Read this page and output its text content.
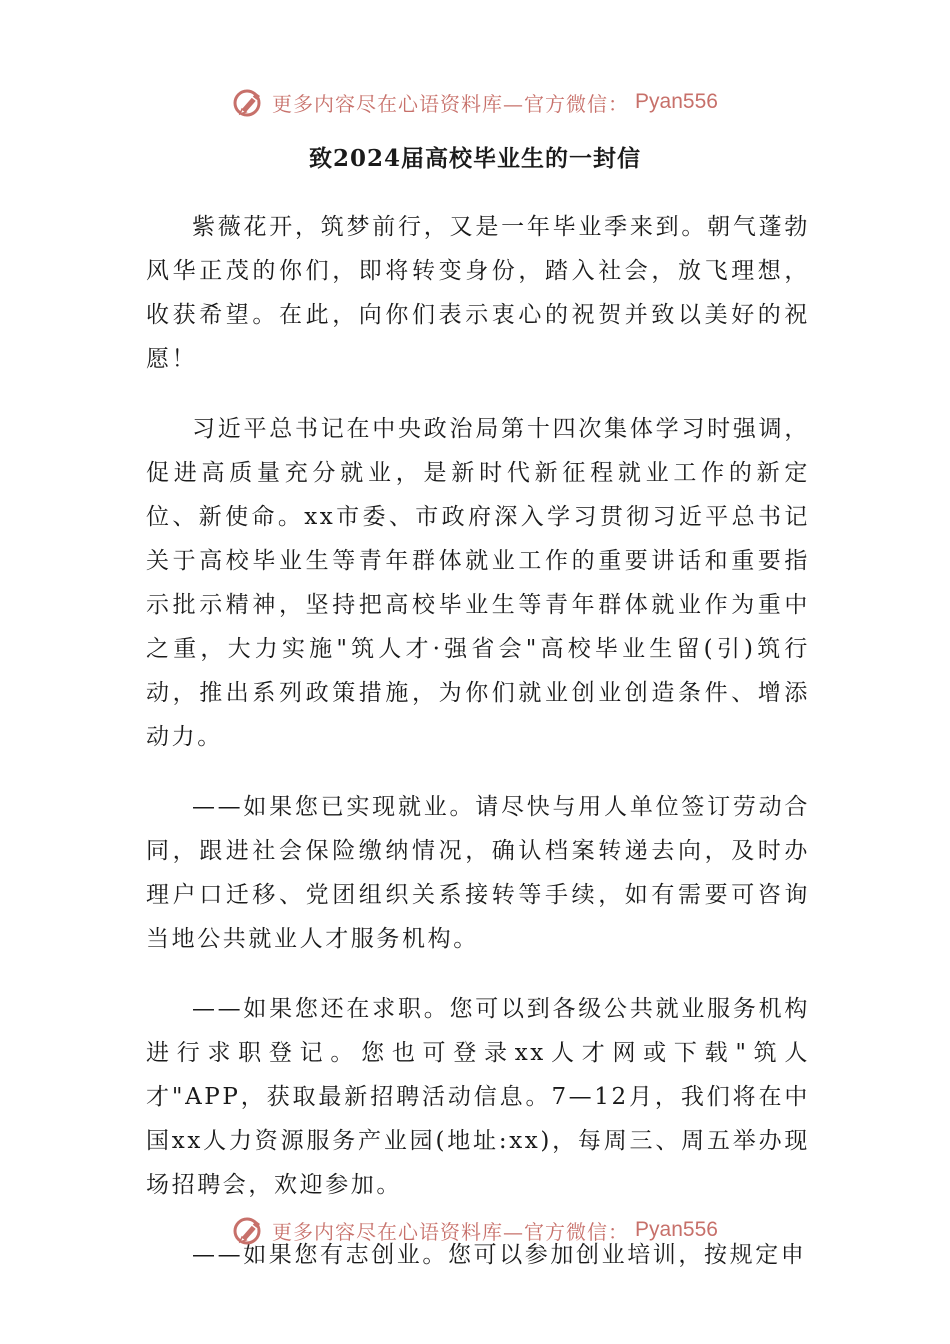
更多内容尽在心语资料库—官方微信： Pyan556
致2024届高校毕业生的一封信

紫薇花开，筑梦前行，又是一年毕业季来到。朝气蓬勃风华正茂的你们，即将转变身份，踏入社会，放飞理想，收获希望。在此，向你们表示衷心的祝贺并致以美好的祝愿！

习近平总书记在中央政治局第十四次集体学习时强调，促进高质量充分就业，是新时代新征程就业工作的新定位、新使命。xx市委、市政府深入学习贯彻习近平总书记关于高校毕业生等青年群体就业工作的重要讲话和重要指示批示精神，坚持把高校毕业生等青年群体就业作为重中之重，大力实施"筑人才·强省会"高校毕业生留(引)筑行动，推出系列政策措施，为你们就业创业创造条件、增添动力。

——如果您已实现就业。请尽快与用人单位签订劳动合同，跟进社会保险缴纳情况，确认档案转递去向，及时办理户口迁移、党团组织关系接转等手续，如有需要可咨询当地公共就业人才服务机构。

——如果您还在求职。您可以到各级公共就业服务机构进行求职登记。您也可登录xx人才网或下载"筑人才"APP，获取最新招聘活动信息。7—12月，我们将在中国xx人力资源服务产业园(地址:xx)，每周三、周五举办现场招聘会，欢迎参加。

——如果您有志创业。您可以参加创业培训，按规定申

更多内容尽在心语资料库—官方微信： Pyan556
